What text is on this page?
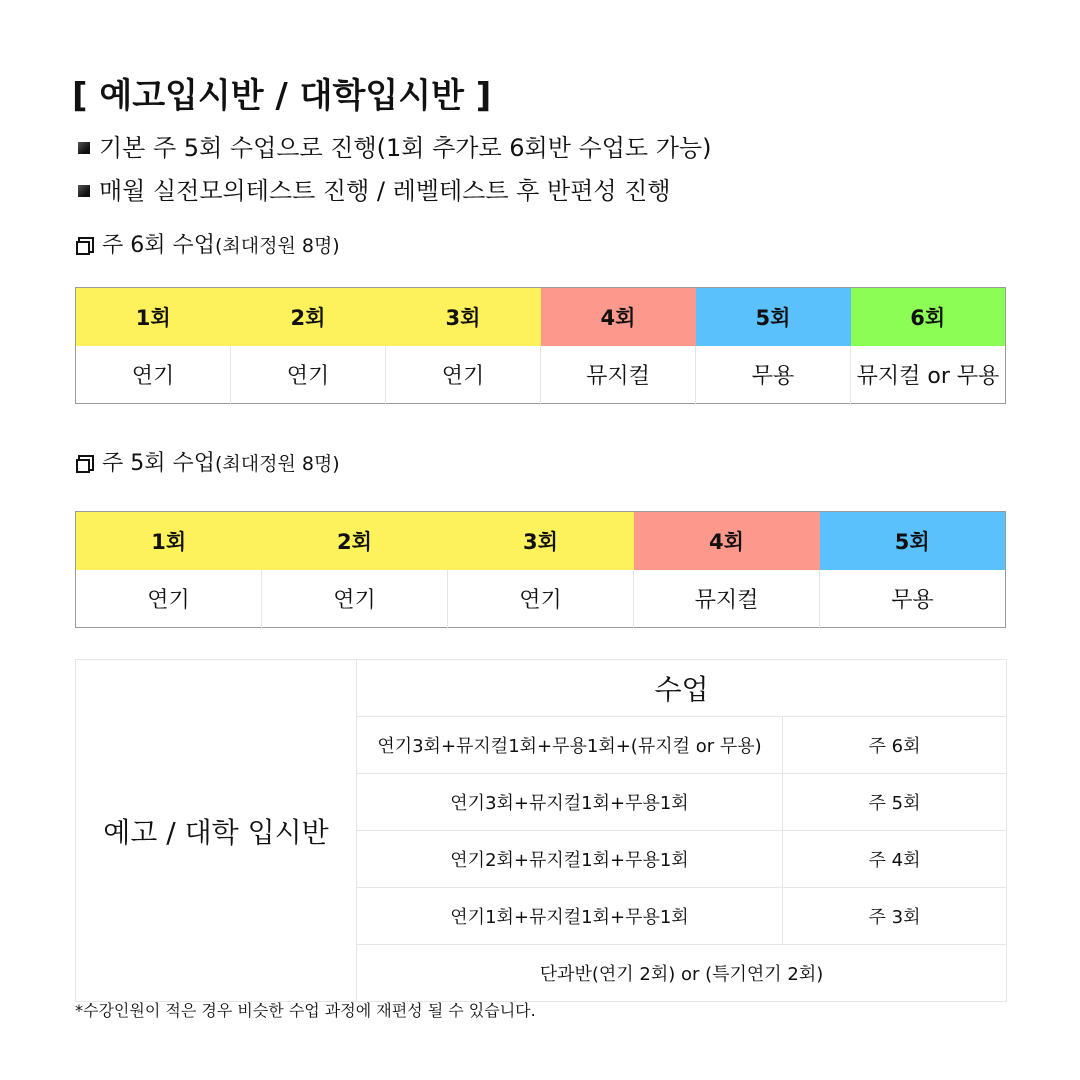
[ 예고입시반 / 대학입시반 ]
기본 주 5회 수업으로 진행(1회 추가로 6회반 수업도 가능)
매월 실전모의테스트 진행 / 레벨테스트 후 반편성 진행
주 6회 수업 (최대정원 8명)
1회	2회	3회	4회	5회	6회
연기	연기	연기	뮤지컬	무용	뮤지컬 or 무용
주 5회 수업 (최대정원 8명)
1회	2회	3회	4회	5회
연기	연기	연기	뮤지컬	무용
예고 / 대학 입시반	수업	
	연기3회+뮤지컬1회+무용1회+(뮤지컬 or 무용)	주 6회
	연기3회+뮤지컬1회+무용1회	주 5회
	연기2회+뮤지컬1회+무용1회	주 4회
	연기1회+뮤지컬1회+무용1회	주 3회
	단과반(연기 2회) or (특기연기 2회)	
*수강인원이 적은 경우 비슷한 수업 과정에 재편성 될 수 있습니다.
